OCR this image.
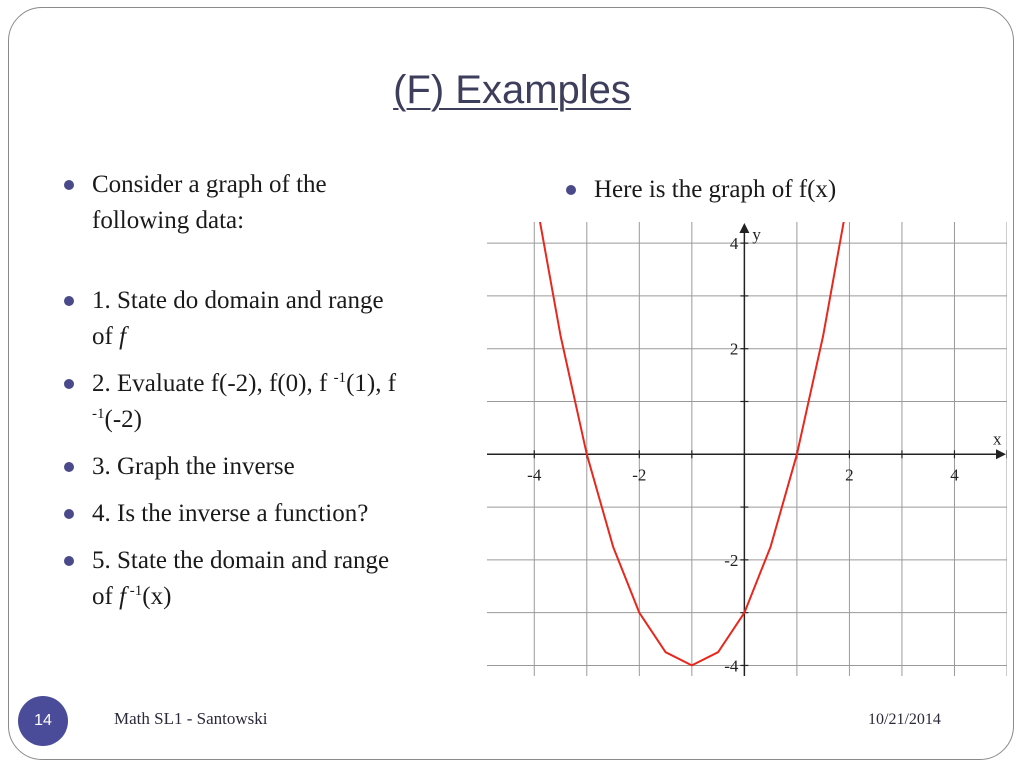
(F) Examples
Consider a graph of the following data:
1. State do domain and range of f
2. Evaluate f(-2), f(0), f $^{-1}$(1), f $^{-1}$(-2)
3. Graph the inverse
4. Is the inverse a function?
5. State the domain and range of f $^{-1}$(x)
Here is the graph of f(x)
-4	-2	2	4
4
2
-2
-4
x
y
14	Math SL1 - Santowski	10/21/2014
